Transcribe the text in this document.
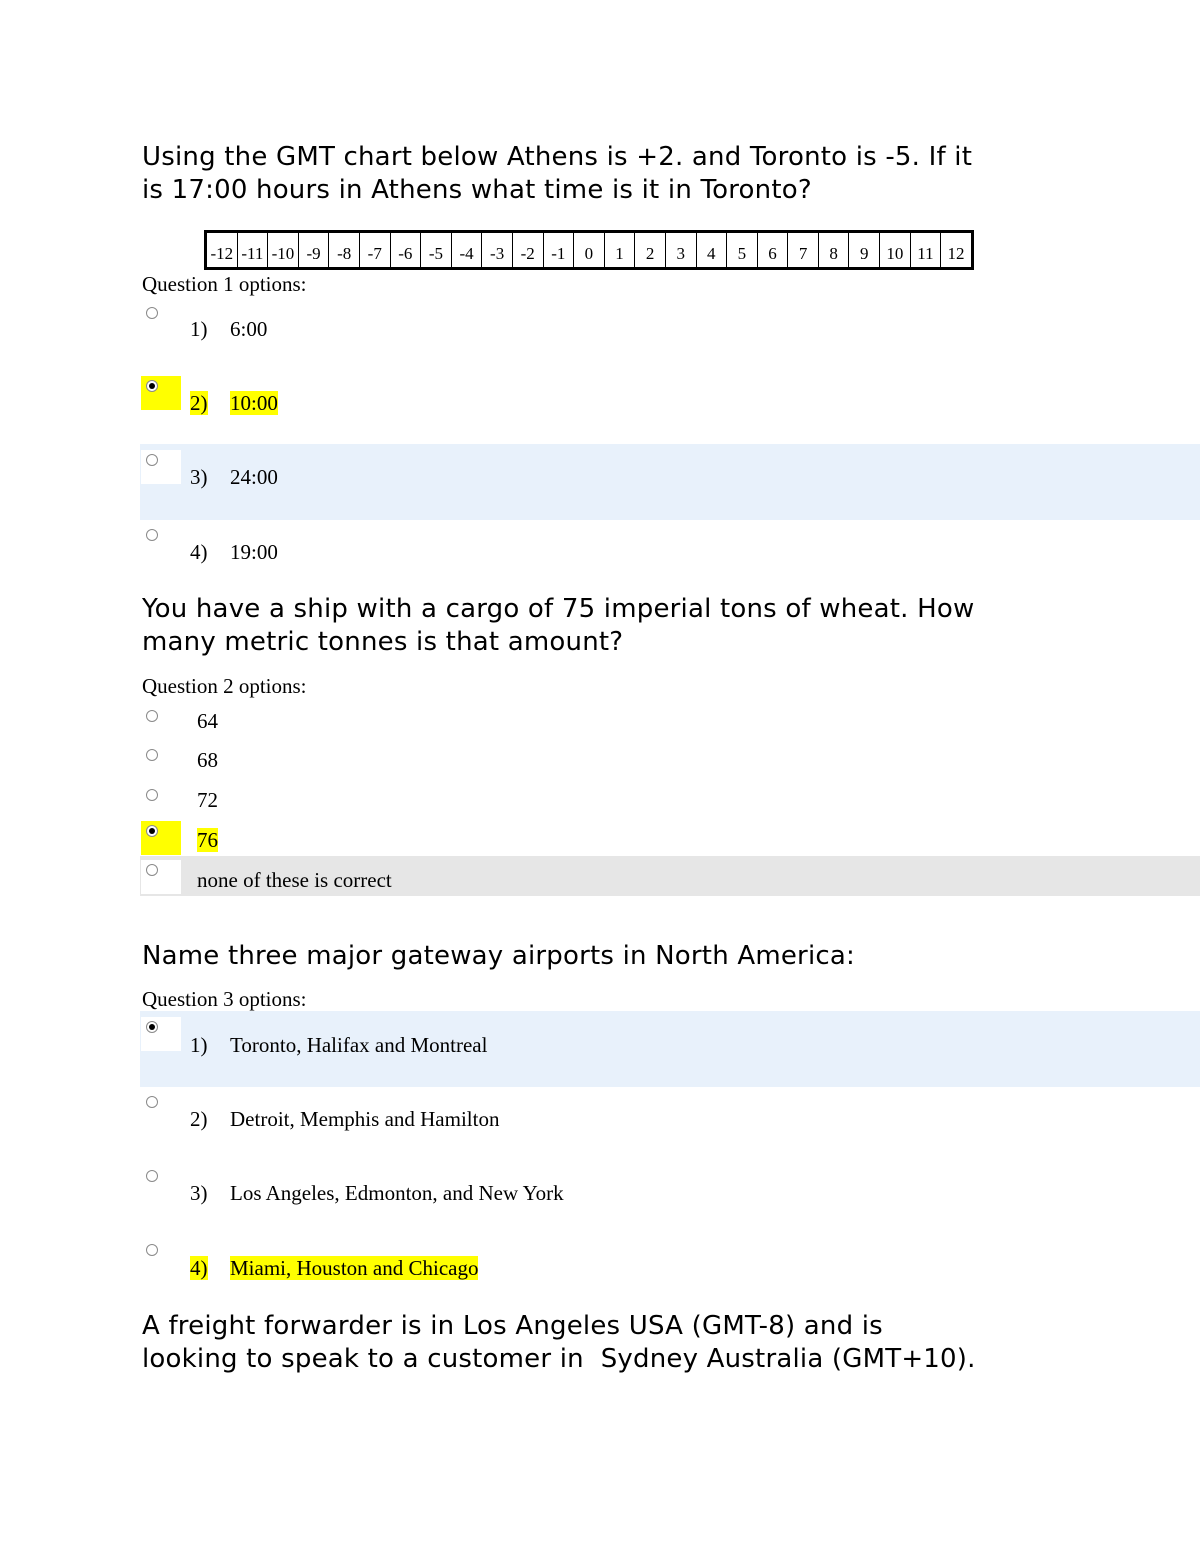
Using the GMT chart below Athens is +2. and Toronto is -5. If it
is 17:00 hours in Athens what time is it in Toronto?
-12	-11	-10	-9	-8	-7	-6	-5	-4	-3	-2	-1	0	1	2	3	4	5	6	7	8	9	10	11	12
Question 1 options:
1) 6:00
2) 10:00
3) 24:00
4) 19:00
You have a ship with a cargo of 75 imperial tons of wheat. How
many metric tonnes is that amount?
Question 2 options:
64
68
72
76
none of these is correct
Name three major gateway airports in North America:
Question 3 options:
1) Toronto, Halifax and Montreal
2) Detroit, Memphis and Hamilton
3) Los Angeles, Edmonton, and New York
4) Miami, Houston and Chicago
A freight forwarder is in Los Angeles USA (GMT-8) and is
looking to speak to a customer in  Sydney Australia (GMT+10).
